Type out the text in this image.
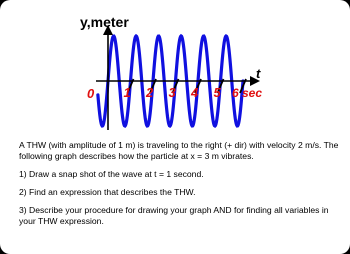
y,meter
t
0 1 2 3 4 5 6 sec

A THW (with amplitude of 1 m) is traveling to the right (+ dir) with velocity 2 m/s. The following graph describes how the particle at x = 3 m vibrates.

1) Draw a snap shot of the wave at t = 1 second.

2) Find an expression that describes the THW.

3) Describe your procedure for drawing your graph AND for finding all variables in your THW expression.
